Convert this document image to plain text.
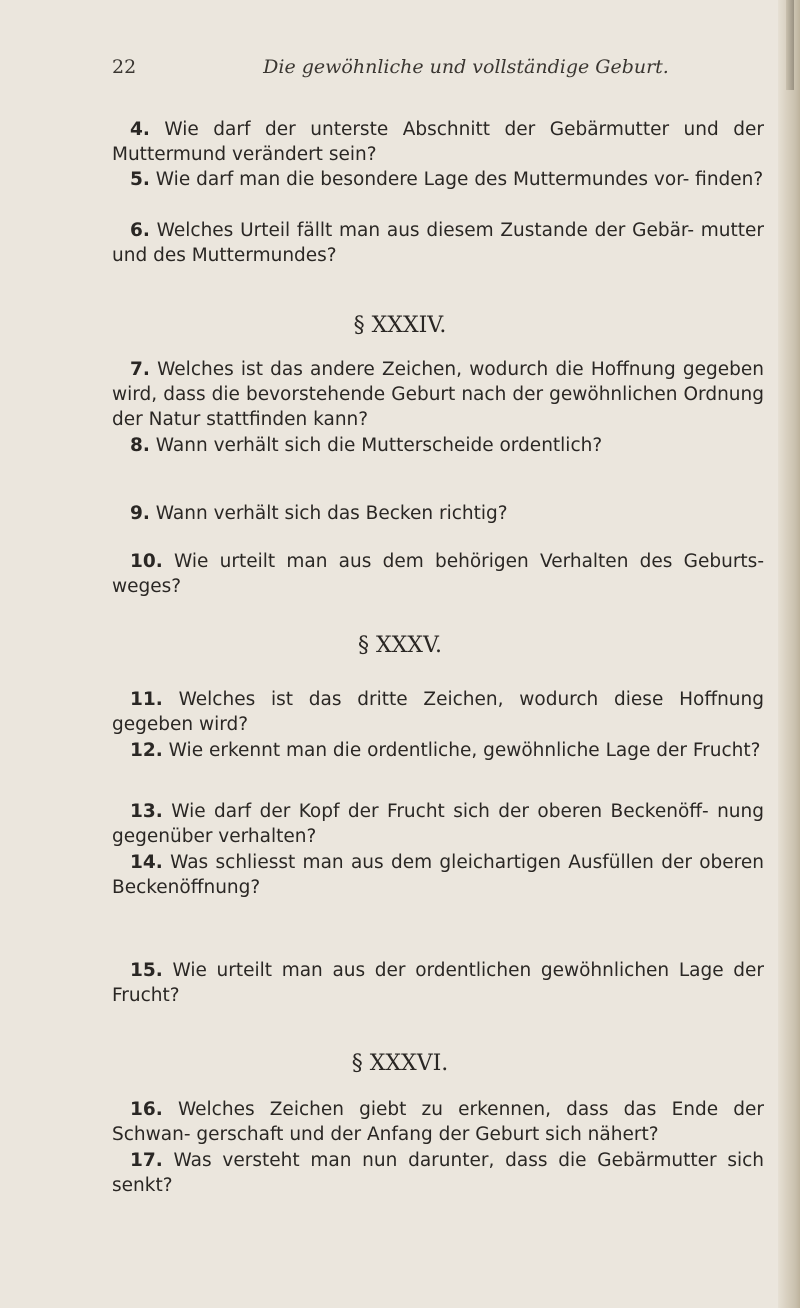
22	Die gewöhnliche und vollständige Geburt.

4. Wie darf der unterste Abschnitt der Gebärmutter und der Muttermund verändert sein?

5. Wie darf man die besondere Lage des Muttermundes vor- finden?

6. Welches Urteil fällt man aus diesem Zustande der Gebär- mutter und des Muttermundes?

§ XXXIV.

7. Welches ist das andere Zeichen, wodurch die Hoffnung gegeben wird, dass die bevorstehende Geburt nach der gewöhnlichen Ordnung der Natur stattfinden kann?

8. Wann verhält sich die Mutterscheide ordentlich?

9. Wann verhält sich das Becken richtig?

10. Wie urteilt man aus dem behörigen Verhalten des Geburts- weges?

§ XXXV.

11. Welches ist das dritte Zeichen, wodurch diese Hoffnung gegeben wird?

12. Wie erkennt man die ordentliche, gewöhnliche Lage der Frucht?

13. Wie darf der Kopf der Frucht sich der oberen Beckenöff- nung gegenüber verhalten?

14. Was schliesst man aus dem gleichartigen Ausfüllen der oberen Beckenöffnung?

15. Wie urteilt man aus der ordentlichen gewöhnlichen Lage der Frucht?

§ XXXVI.

16. Welches Zeichen giebt zu erkennen, dass das Ende der Schwan- gerschaft und der Anfang der Geburt sich nähert?

17. Was versteht man nun darunter, dass die Gebärmutter sich senkt?
